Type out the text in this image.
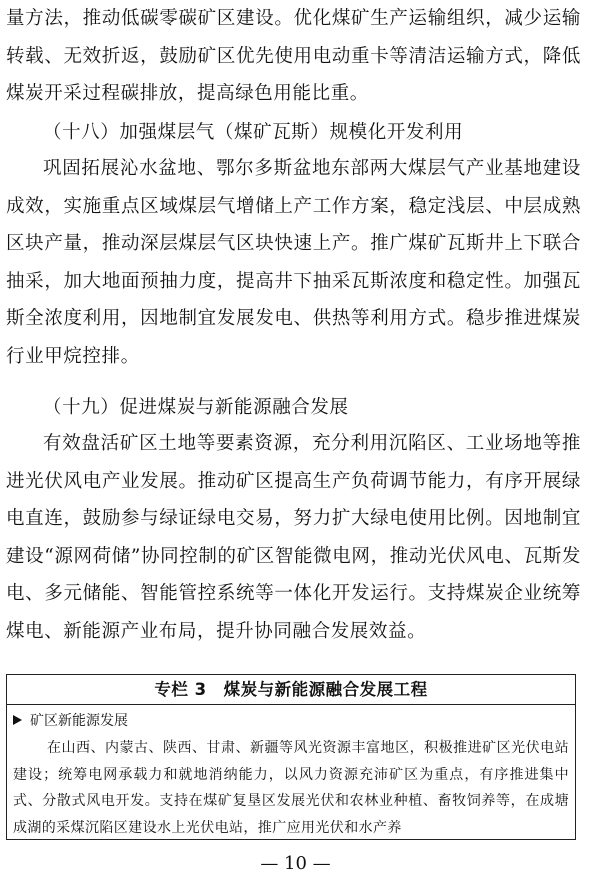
量方法，推动低碳零碳矿区建设。优化煤矿生产运输组织，减少运输转载、无效折返，鼓励矿区优先使用电动重卡等清洁运输方式，降低煤炭开采过程碳排放，提高绿色用能比重。

（十八）加强煤层气（煤矿瓦斯）规模化开发利用

巩固拓展沁水盆地、鄂尔多斯盆地东部两大煤层气产业基地建设成效，实施重点区域煤层气增储上产工作方案，稳定浅层、中层成熟区块产量，推动深层煤层气区块快速上产。推广煤矿瓦斯井上下联合抽采，加大地面预抽力度，提高井下抽采瓦斯浓度和稳定性。加强瓦斯全浓度利用，因地制宜发展发电、供热等利用方式。稳步推进煤炭行业甲烷控排。

（十九）促进煤炭与新能源融合发展

有效盘活矿区土地等要素资源，充分利用沉陷区、工业场地等推进光伏风电产业发展。推动矿区提高生产负荷调节能力，有序开展绿电直连，鼓励参与绿证绿电交易，努力扩大绿电使用比例。因地制宜建设“源网荷储”协同控制的矿区智能微电网，推动光伏风电、瓦斯发电、多元储能、智能管控系统等一体化开发运行。支持煤炭企业统筹煤电、新能源产业布局，提升协同融合发展效益。

专栏 3　煤炭与新能源融合发展工程
矿区新能源发展

在山西、内蒙古、陕西、甘肃、新疆等风光资源丰富地区，积极推进矿区光伏电站建设；统筹电网承载力和就地消纳能力，以风力资源充沛矿区为重点，有序推进集中式、分散式风电开发。支持在煤矿复垦区发展光伏和农林业种植、畜牧饲养等，在成塘成湖的采煤沉陷区建设水上光伏电站，推广应用光伏和水产养

— 10 —
